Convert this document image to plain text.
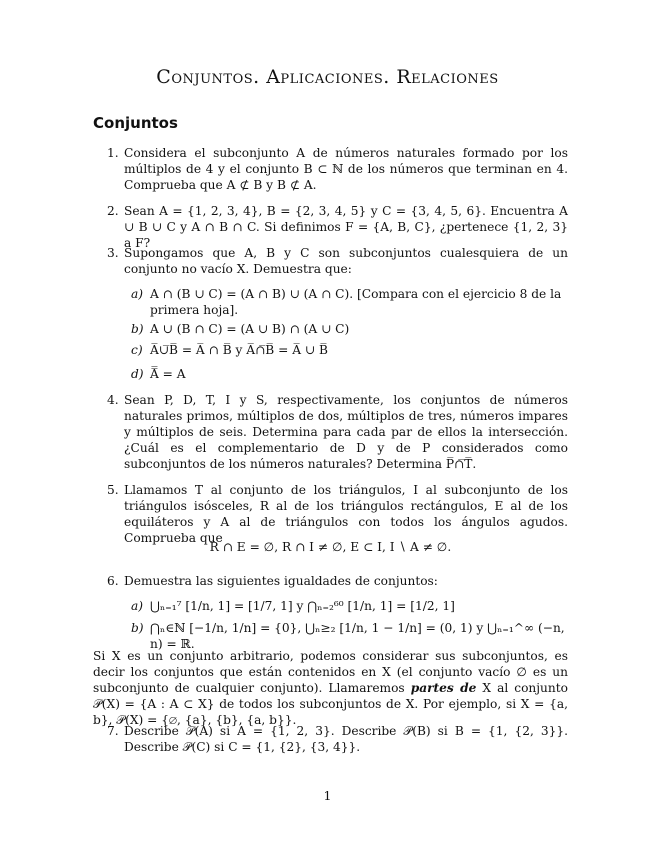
Conjuntos. Aplicaciones. Relaciones
Conjuntos
1. Considera el subconjunto A de números naturales formado por los múltiplos de 4 y el conjunto B ⊂ ℕ de los números que terminan en 4. Comprueba que A ⊄ B y B ⊄ A.
2. Sean A = {1, 2, 3, 4}, B = {2, 3, 4, 5} y C = {3, 4, 5, 6}. Encuentra A ∪ B ∪ C y A ∩ B ∩ C. Si definimos F = {A, B, C}, ¿pertenece {1, 2, 3} a F?
3. Supongamos que A, B y C son subconjuntos cualesquiera de un conjunto no vacío X. Demuestra que:
a) A ∩ (B ∪ C) = (A ∩ B) ∪ (A ∩ C). [Compara con el ejercicio 8 de la primera hoja].
b) A ∪ (B ∩ C) = (A ∪ B) ∩ (A ∪ C)
c) A̅∪̅B̅ = A̅ ∩ B̅ y A̅∩̅B̅ = A̅ ∪ B̅
d) A̿ = A
4. Sean P, D, T, I y S, respectivamente, los conjuntos de números naturales primos, múltiplos de dos, múltiplos de tres, números impares y múltiplos de seis. Determina para cada par de ellos la intersección. ¿Cuál es el complementario de D y de P considerados como subconjuntos de los números naturales? Determina P̅∩̅T̅.
5. Llamamos T al conjunto de los triángulos, I al subconjunto de los triángulos isósceles, R al de los triángulos rectángulos, E al de los equiláteros y A al de triángulos con todos los ángulos agudos. Comprueba que
R ∩ E = ∅, R ∩ I ≠ ∅, E ⊂ I, I ∖ A ≠ ∅.
6. Demuestra las siguientes igualdades de conjuntos:
a) ⋃ₙ₌₁⁷ [1/n, 1] = [1/7, 1] y ⋂ₙ₌₂⁶⁰ [1/n, 1] = [1/2, 1]
b) ⋂ₙ∈ℕ [−1/n, 1/n] = {0}, ⋃ₙ≥₂ [1/n, 1 − 1/n] = (0, 1) y ⋃ₙ₌₁^∞ (−n, n) = ℝ.
Si X es un conjunto arbitrario, podemos considerar sus subconjuntos, es decir los conjuntos que están contenidos en X (el conjunto vacío ∅ es un subconjunto de cualquier conjunto). Llamaremos partes de X al conjunto 𝒫(X) = {A : A ⊂ X} de todos los subconjuntos de X. Por ejemplo, si X = {a, b}, 𝒫(X) = {∅, {a}, {b}, {a, b}}.
7. Describe 𝒫(A) si A = {1, 2, 3}. Describe 𝒫(B) si B = {1, {2, 3}}. Describe 𝒫(C) si C = {1, {2}, {3, 4}}.
1
